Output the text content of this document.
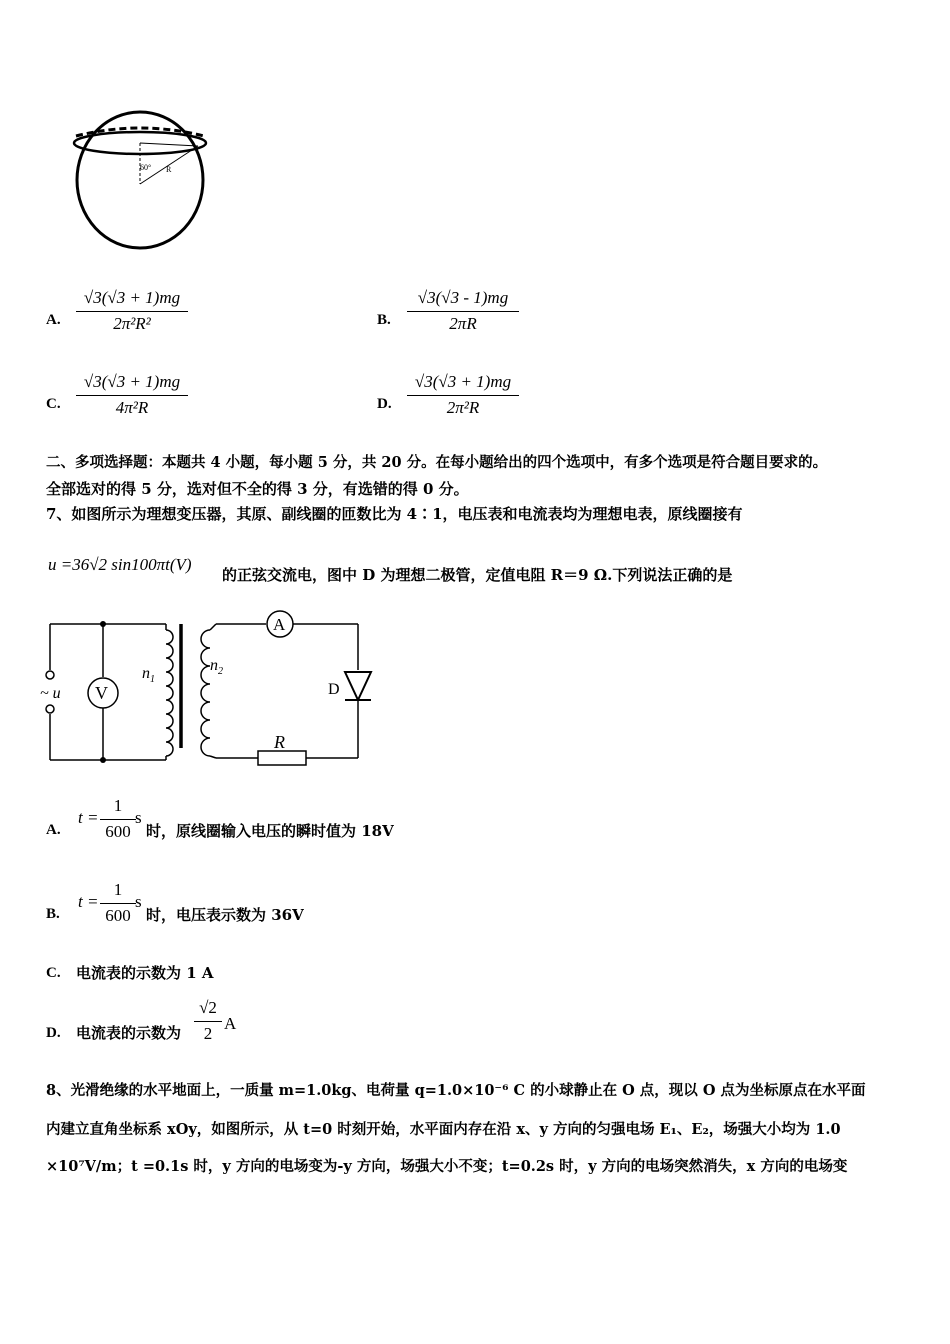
60° R
A.
√3(√3 + 1)mg
2π²R²	B.
√3(√3 - 1)mg
2πR
C.
√3(√3 + 1)mg
4π²R	D.
√3(√3 + 1)mg
2π²R
二、多项选择题：本题共 4 小题，每小题 5 分，共 20 分。在每小题给出的四个选项中，有多个选项是符合题目要求的。
全部选对的得 5 分，选对但不全的得 3 分，有选错的得 0 分。
7、如图所示为理想变压器，其原、副线圈的匝数比为 4∶1，电压表和电流表均为理想电表，原线圈接有
u =36√2 sin100πt(V)
的正弦交流电，图中 D 为理想二极管，定值电阻 R＝9 Ω.下列说法正确的是
V
A
~ u	D
R
$n_1$
$n_2$
A.
t =
1
600
s
时，原线圈输入电压的瞬时值为 18V
B.
t =
1
600
s
时，电压表示数为 36V
C. 电流表的示数为 1 A
D. 电流表的示数为
√2
2
A
8、光滑绝缘的水平地面上，一质量 m=1.0kg、电荷量 q=1.0×10⁻⁶ C 的小球静止在 O 点，现以 O 点为坐标原点在水平面
内建立直角坐标系 xOy，如图所示，从 t=0 时刻开始，水平面内存在沿 x、y 方向的匀强电场 E₁、E₂，场强大小均为 1.0
×10⁷V/m；t =0.1s 时，y 方向的电场变为-y 方向，场强大小不变；t=0.2s 时，y 方向的电场突然消失，x 方向的电场变
